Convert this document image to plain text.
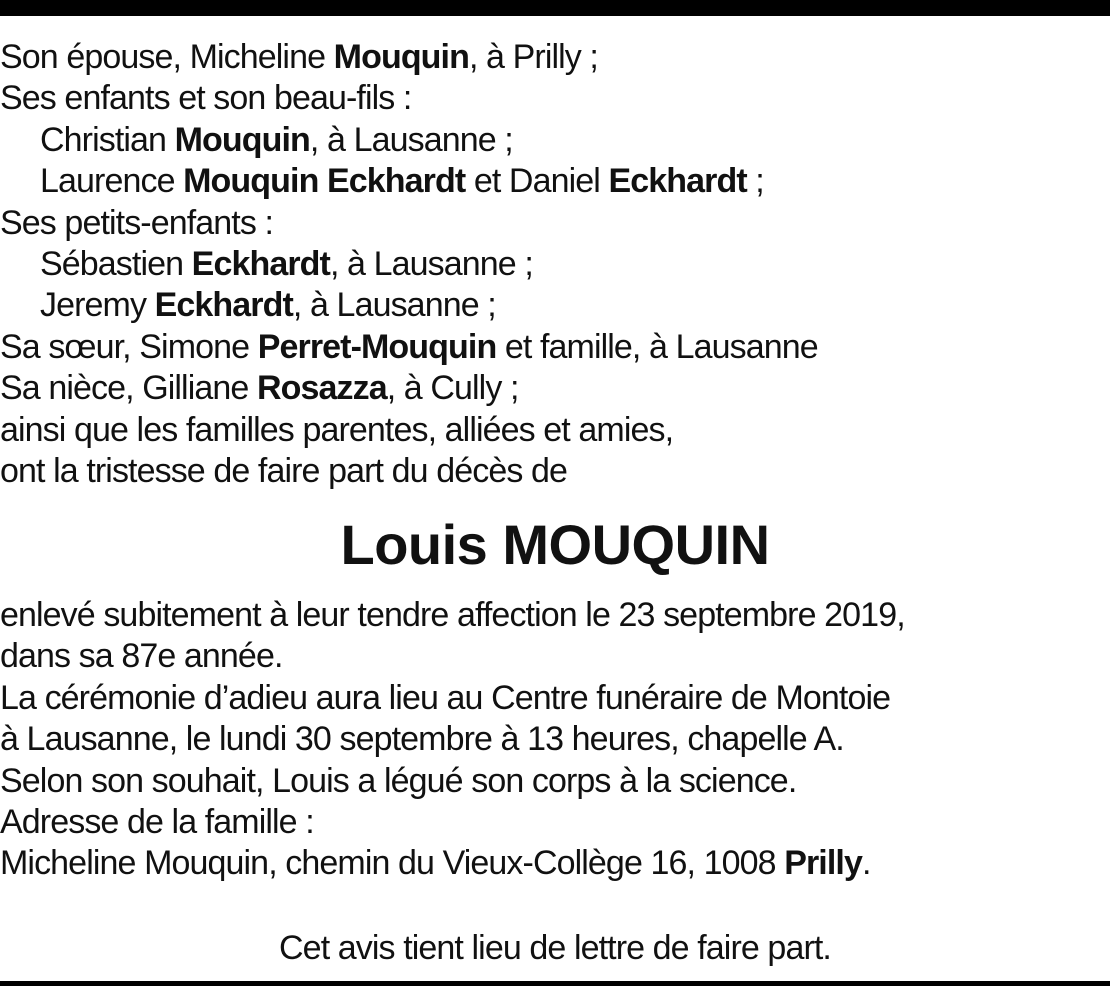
Son épouse, Micheline Mouquin, à Prilly ;
Ses enfants et son beau-fils :
Christian Mouquin, à Lausanne ;
Laurence Mouquin Eckhardt et Daniel Eckhardt ;
Ses petits-enfants :
Sébastien Eckhardt, à Lausanne ;
Jeremy Eckhardt, à Lausanne ;
Sa sœur, Simone Perret-Mouquin et famille, à Lausanne
Sa nièce, Gilliane Rosazza, à Cully ;
ainsi que les familles parentes, alliées et amies,
ont la tristesse de faire part du décès de
Louis MOUQUIN
enlevé subitement à leur tendre affection le 23 septembre 2019,
dans sa 87e année.
La cérémonie d’adieu aura lieu au Centre funéraire de Montoie
à Lausanne, le lundi 30 septembre à 13 heures, chapelle A.
Selon son souhait, Louis a légué son corps à la science.
Adresse de la famille :
Micheline Mouquin, chemin du Vieux-Collège 16, 1008 Prilly.
Cet avis tient lieu de lettre de faire part.
